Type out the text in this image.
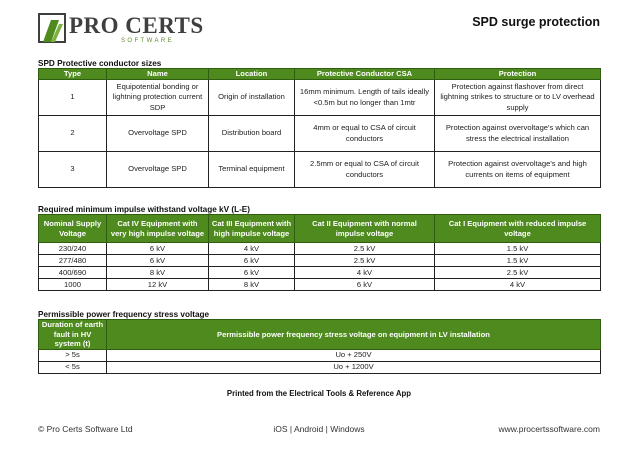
PRO CERTS
SOFTWARE
SPD surge protection
SPD Protective conductor sizes
Type	Name	Location	Protective Conductor CSA	Protection
1	Equipotential bonding or lightning protection current SDP	Origin of installation	16mm minimum. Length of tails ideally <0.5m but no longer than 1mtr	Protection against flashover from direct lightning strikes to structure or to LV overhead supply
2	Overvoltage SPD	Distribution board	4mm or equal to CSA of circuit conductors	Protection against overvoltage's which can stress the electrical installation
3	Overvoltage SPD	Terminal equipment	2.5mm or equal to CSA of circuit conductors	Protection against overvoltage's and high currents on items of equipment
Required minimum impulse withstand voltage kV (L-E)
Nominal Supply Voltage	Cat IV Equipment with very high impulse voltage	Cat III Equipment with high impulse voltage	Cat II Equipment with normal impulse voltage	Cat I Equipment with reduced impulse voltage
230/240	6 kV	4 kV	2.5 kV	1.5 kV
277/480	6 kV	6 kV	2.5 kV	1.5 kV
400/690	8 kV	6 kV	4 kV	2.5 kV
1000	12 kV	8 kV	6 kV	4 kV
Permissible power frequency stress voltage
Duration of earth fault in HV system (t)	Permissible power frequency stress voltage on equipment in LV installation
> 5s	Uo + 250V
< 5s	Uo + 1200V
Printed from the Electrical Tools & Reference App
© Pro Certs Software Ltd	iOS | Android | Windows	www.procertssoftware.com
